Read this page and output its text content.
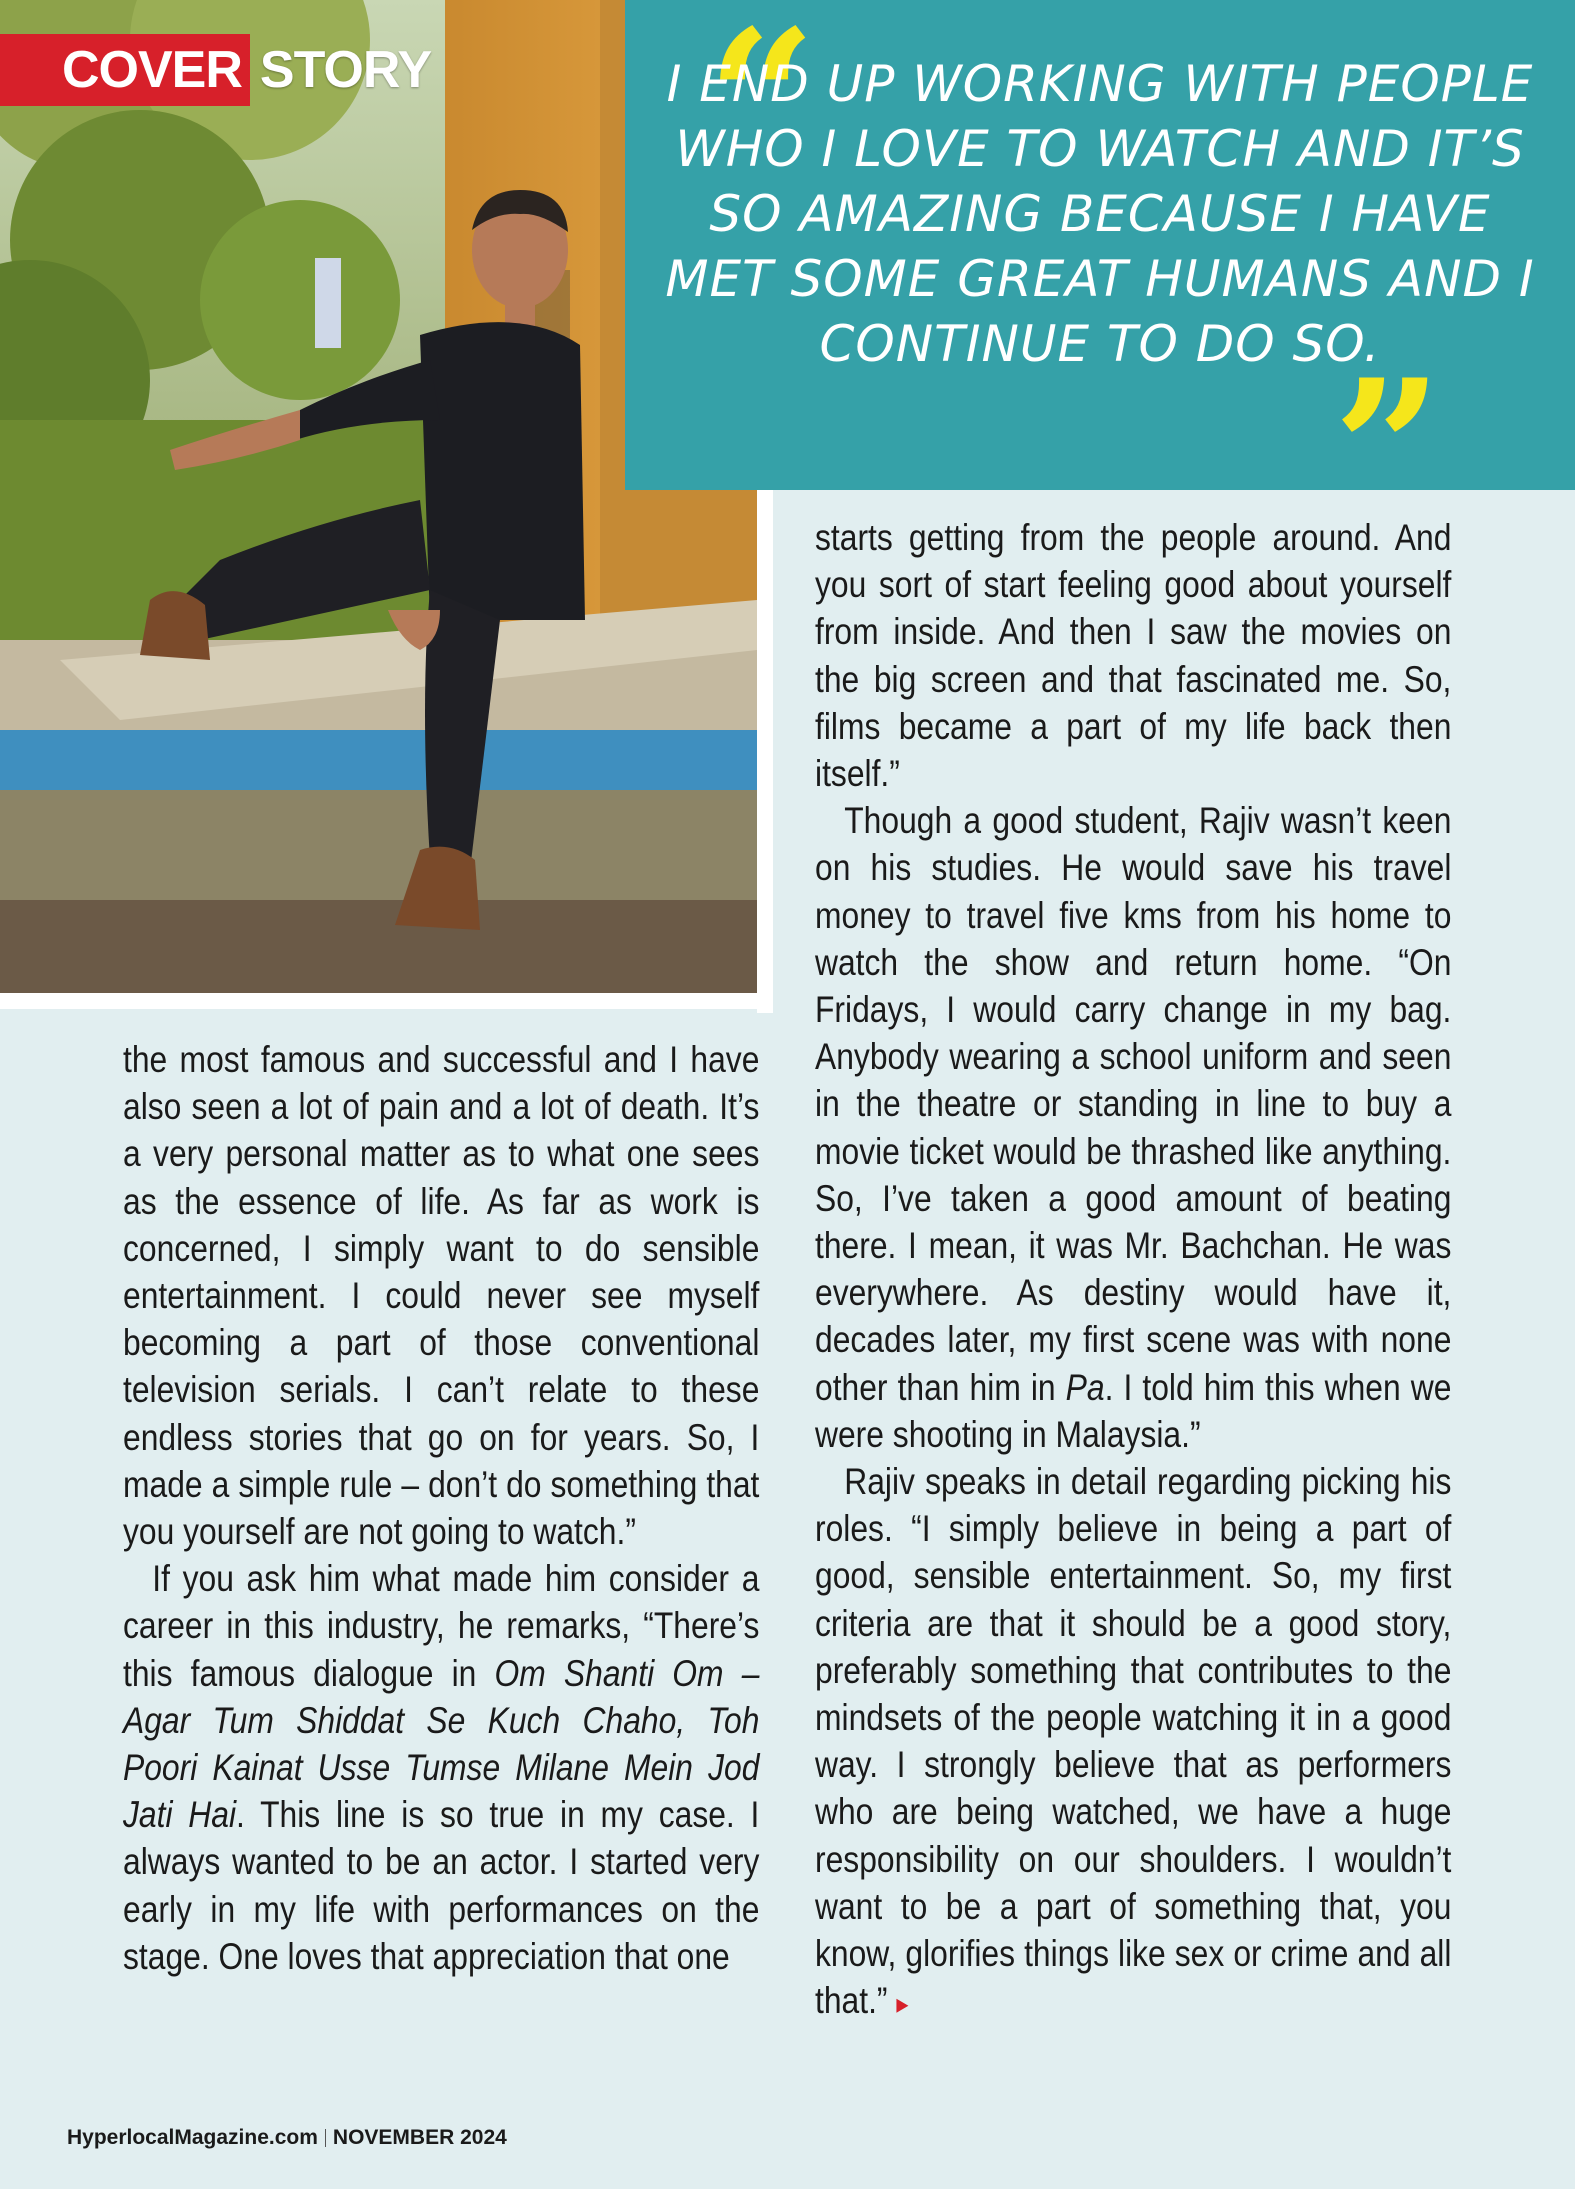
COVER STORY “
I END UP WORKING WITH PEOPLE WHO I LOVE TO WATCH AND IT’S SO AMAZING BECAUSE I HAVE MET SOME GREAT HUMANS AND I CONTINUE TO DO SO.
”

the most famous and successful and I have also seen a lot of pain and a lot of death. It’s a very personal matter as to what one sees as the essence of life. As far as work is concerned, I simply want to do sensible entertainment. I could never see myself becoming a part of those conventional television serials. I can’t relate to these endless stories that go on for years. So, I made a simple rule – don’t do something that you yourself are not going to watch.”

If you ask him what made him consider a career in this industry, he remarks, “There’s this famous dialogue in Om Shanti Om – Agar Tum Shiddat Se Kuch Chaho, Toh Poori Kainat Usse Tumse Milane Mein Jod Jati Hai. This line is so true in my case. I always wanted to be an actor. I started very early in my life with performances on the stage. One loves that appreciation that one

starts getting from the people around. And you sort of start feeling good about yourself from inside. And then I saw the movies on the big screen and that fascinated me. So, films became a part of my life back then itself.”

Though a good student, Rajiv wasn’t keen on his studies. He would save his travel money to travel five kms from his home to watch the show and return home. “On Fridays, I would carry change in my bag. Anybody wearing a school uniform and seen in the theatre or standing in line to buy a movie ticket would be thrashed like anything. So, I’ve taken a good amount of beating there. I mean, it was Mr. Bachchan. He was everywhere. As destiny would have it, decades later, my first scene was with none other than him in Pa. I told him this when we were shooting in Malaysia.”

Rajiv speaks in detail regarding picking his roles. “I simply believe in being a part of good, sensible entertainment. So, my first criteria are that it should be a good story, preferably something that contributes to the mindsets of the people watching it in a good way. I strongly believe that as performers who are being watched, we have a huge responsibility on our shoulders. I wouldn’t want to be a part of something that, you know, glorifies things like sex or crime and all that.” ▸

HyperlocalMagazine.com NOVEMBER 2024
